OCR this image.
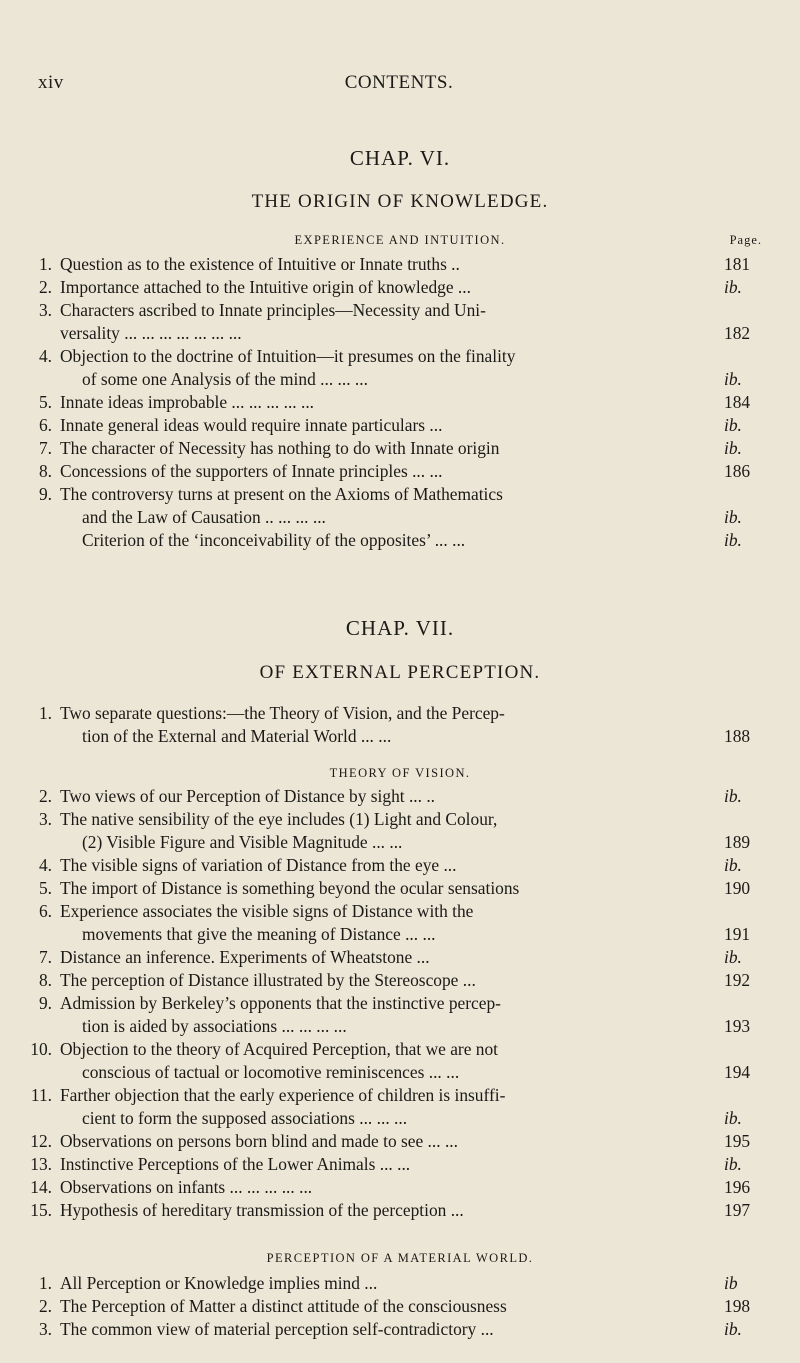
xiv	CONTENTS.
CHAP. VI.
THE ORIGIN OF KNOWLEDGE.
EXPERIENCE AND INTUITION.	Page.
1. Question as to the existence of Intuitive or Innate truths ..	181
2. Importance attached to the Intuitive origin of knowledge ...	ib.
3. Characters ascribed to Innate principles—Necessity and Uni-
versality ... ... ... ... ... ... ...	182
4. Objection to the doctrine of Intuition—it presumes on the finality
of some one Analysis of the mind ... ... ...	ib.
5. Innate ideas improbable ... ... ... ... ...	184
6. Innate general ideas would require innate particulars ...	ib.
7. The character of Necessity has nothing to do with Innate origin	ib.
8. Concessions of the supporters of Innate principles ... ...	186
9. The controversy turns at present on the Axioms of Mathematics
and the Law of Causation .. ... ... ...	ib.
Criterion of the ‘inconceivability of the opposites’ ... ...	ib.
CHAP. VII.
OF EXTERNAL PERCEPTION.
1. Two separate questions:—the Theory of Vision, and the Percep-
tion of the External and Material World ... ...	188
THEORY OF VISION.
2. Two views of our Perception of Distance by sight ... ..	ib.
3. The native sensibility of the eye includes (1) Light and Colour,
(2) Visible Figure and Visible Magnitude ... ...	189
4. The visible signs of variation of Distance from the eye ...	ib.
5. The import of Distance is something beyond the ocular sensations	190
6. Experience associates the visible signs of Distance with the
movements that give the meaning of Distance ... ...	191
7. Distance an inference. Experiments of Wheatstone ...	ib.
8. The perception of Distance illustrated by the Stereoscope ...	192
9. Admission by Berkeley’s opponents that the instinctive percep-
tion is aided by associations ... ... ... ...	193
10. Objection to the theory of Acquired Perception, that we are not
conscious of tactual or locomotive reminiscences ... ...	194
11. Farther objection that the early experience of children is insuffi-
cient to form the supposed associations ... ... ...	ib.
12. Observations on persons born blind and made to see ... ...	195
13. Instinctive Perceptions of the Lower Animals ... ...	ib.
14. Observations on infants ... ... ... ... ...	196
15. Hypothesis of hereditary transmission of the perception ...	197
PERCEPTION OF A MATERIAL WORLD.
1. All Perception or Knowledge implies mind ...	ib
2. The Perception of Matter a distinct attitude of the consciousness	198
3. The common view of material perception self-contradictory ...	ib.
